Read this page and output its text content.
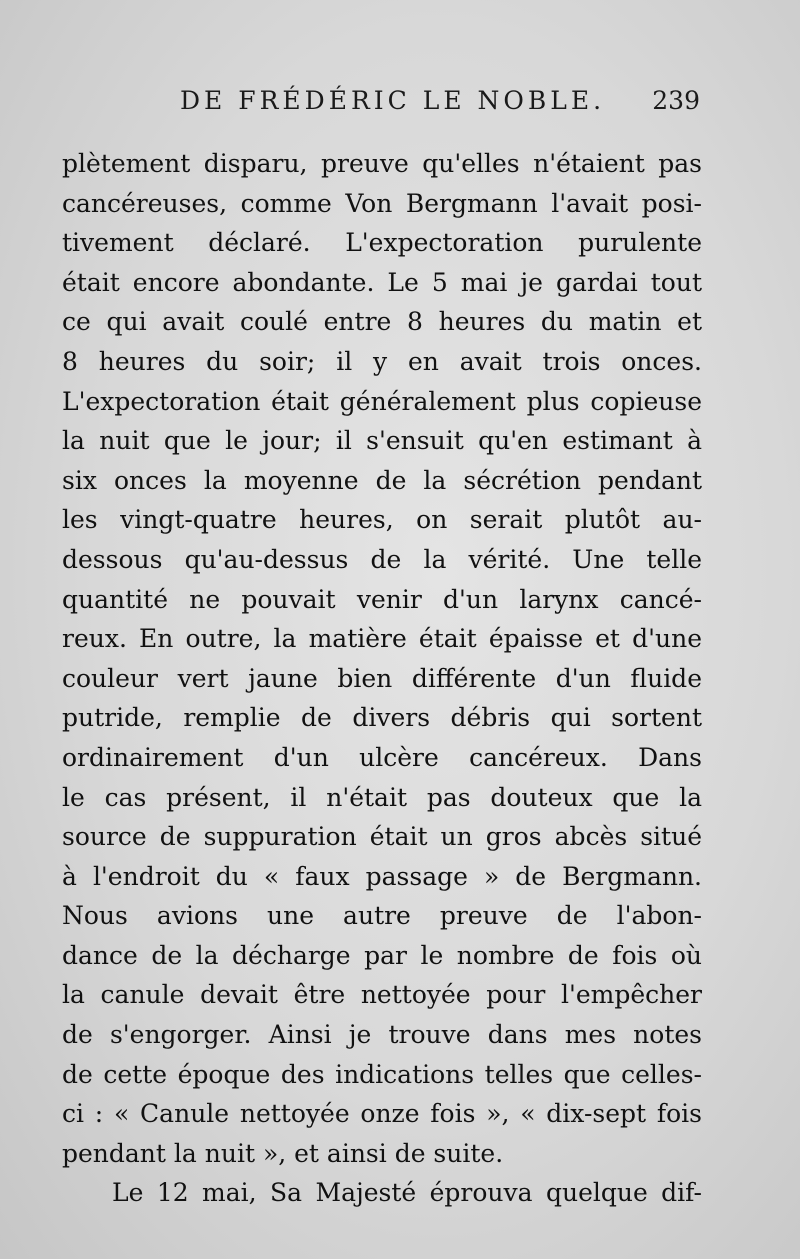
DE FRÉDÉRIC LE NOBLE. 239
plètement disparu, preuve qu'elles n'étaient pas
cancéreuses, comme Von Bergmann l'avait posi-
tivement déclaré. L'expectoration purulente
était encore abondante. Le 5 mai je gardai tout
ce qui avait coulé entre 8 heures du matin et
8 heures du soir; il y en avait trois onces.
L'expectoration était généralement plus copieuse
la nuit que le jour; il s'ensuit qu'en estimant à
six onces la moyenne de la sécrétion pendant
les vingt-quatre heures, on serait plutôt au-
dessous qu'au-dessus de la vérité. Une telle
quantité ne pouvait venir d'un larynx cancé-
reux. En outre, la matière était épaisse et d'une
couleur vert jaune bien différente d'un fluide
putride, remplie de divers débris qui sortent
ordinairement d'un ulcère cancéreux. Dans
le cas présent, il n'était pas douteux que la
source de suppuration était un gros abcès situé
à l'endroit du « faux passage » de Bergmann.
Nous avions une autre preuve de l'abon-
dance de la décharge par le nombre de fois où
la canule devait être nettoyée pour l'empêcher
de s'engorger. Ainsi je trouve dans mes notes
de cette époque des indications telles que celles-
ci : « Canule nettoyée onze fois », « dix-sept fois
pendant la nuit », et ainsi de suite.
Le 12 mai, Sa Majesté éprouva quelque dif-
